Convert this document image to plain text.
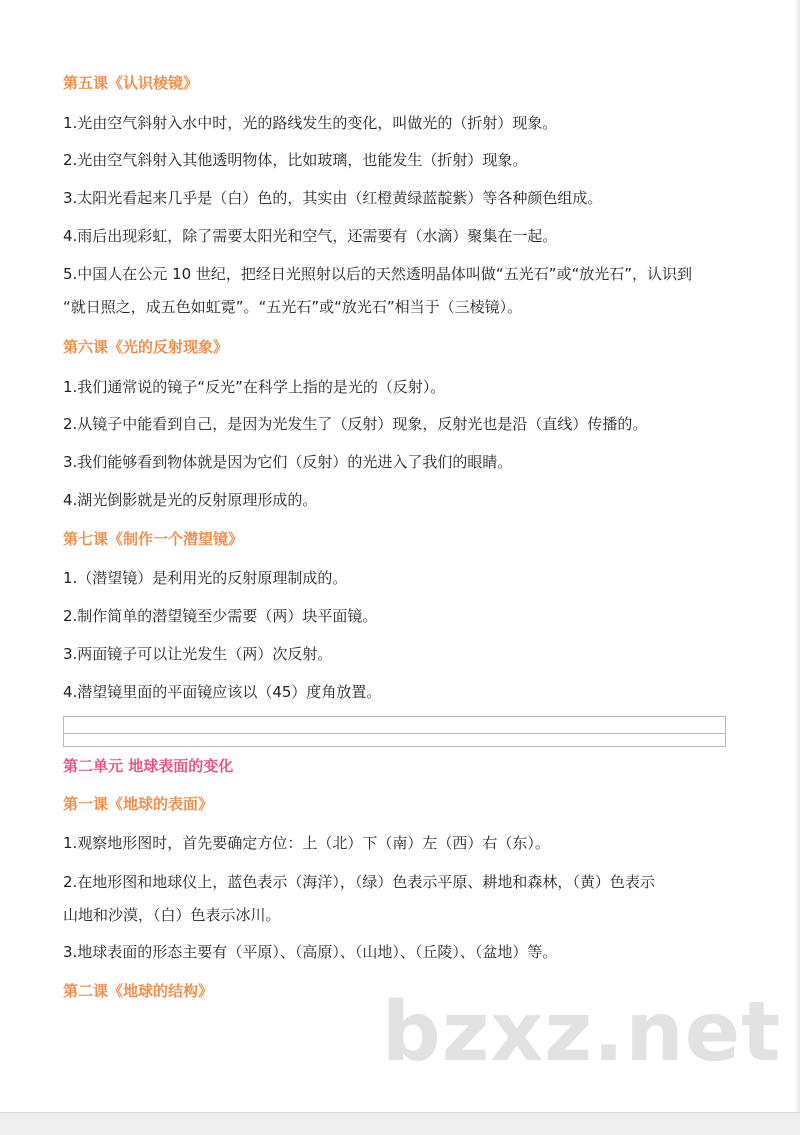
第五课《认识棱镜》
1.光由空气斜射入水中时，光的路线发生的变化，叫做光的（折射）现象。
2.光由空气斜射入其他透明物体，比如玻璃，也能发生（折射）现象。
3.太阳光看起来几乎是（白）色的，其实由（红橙黄绿蓝靛紫）等各种颜色组成。
4.雨后出现彩虹，除了需要太阳光和空气，还需要有（水滴）聚集在一起。
5.中国人在公元 10 世纪，把经日光照射以后的天然透明晶体叫做“五光石”或“放光石”，认识到
“就日照之，成五色如虹霓”。“五光石”或“放光石”相当于（三棱镜）。
第六课《光的反射现象》
1.我们通常说的镜子“反光”在科学上指的是光的（反射）。
2.从镜子中能看到自己，是因为光发生了（反射）现象，反射光也是沿（直线）传播的。
3.我们能够看到物体就是因为它们（反射）的光进入了我们的眼睛。
4.湖光倒影就是光的反射原理形成的。
第七课《制作一个潜望镜》
1.（潜望镜）是利用光的反射原理制成的。
2.制作简单的潜望镜至少需要（两）块平面镜。
3.两面镜子可以让光发生（两）次反射。
4.潜望镜里面的平面镜应该以（45）度角放置。
第二单元 地球表面的变化
第一课《地球的表面》
1.观察地形图时，首先要确定方位：上（北）下（南）左（西）右（东）。
2.在地形图和地球仪上，蓝色表示（海洋），（绿）色表示平原、耕地和森林，（黄）色表示
山地和沙漠，（白）色表示冰川。
3.地球表面的形态主要有（平原）、（高原）、（山地）、（丘陵）、（盆地）等。
第二课《地球的结构》 bzxz.net
